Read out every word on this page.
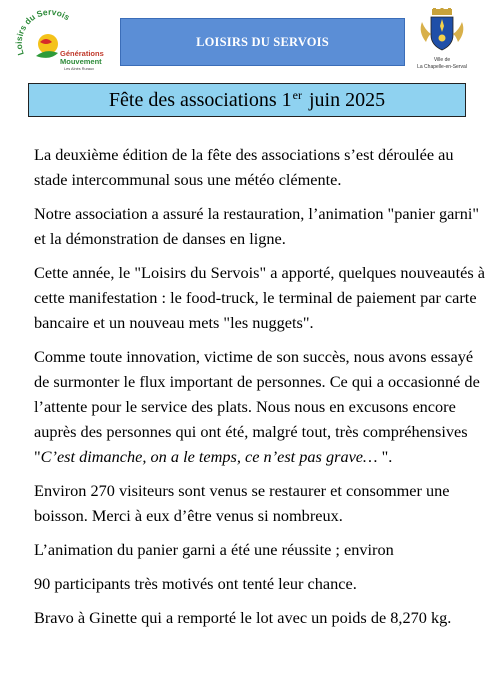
Loisirs du Servois
Générations
Mouvement
Les Aînés Ruraux
LOISIRS DU SERVOIS
Ville de
La Chapelle-en-Serval
Fête des associations 1er juin 2025

La deuxième édition de la fête des associations s’est déroulée au stade intercommunal sous une météo clémente.

Notre association a assuré la restauration, l’animation "panier garni" et la démonstration de danses en ligne.

Cette année, le "Loisirs du Servois" a apporté, quelques nouveautés à cette manifestation : le food-truck, le terminal de paiement par carte bancaire et un nouveau mets "les nuggets".

Comme toute innovation, victime de son succès, nous avons essayé de surmonter le flux important de personnes. Ce qui a occasionné de l’attente pour le service des plats. Nous nous en excusons encore auprès des personnes qui ont été, malgré tout, très compréhensives "C’est dimanche, on a le temps, ce n’est pas grave… ".

Environ 270 visiteurs sont venus se restaurer et consommer une boisson. Merci à eux d’être venus si nombreux.

L’animation du panier garni a été une réussite ; environ

90 participants très motivés ont tenté leur chance.

Bravo à Ginette qui a remporté le lot avec un poids de 8,270 kg.
